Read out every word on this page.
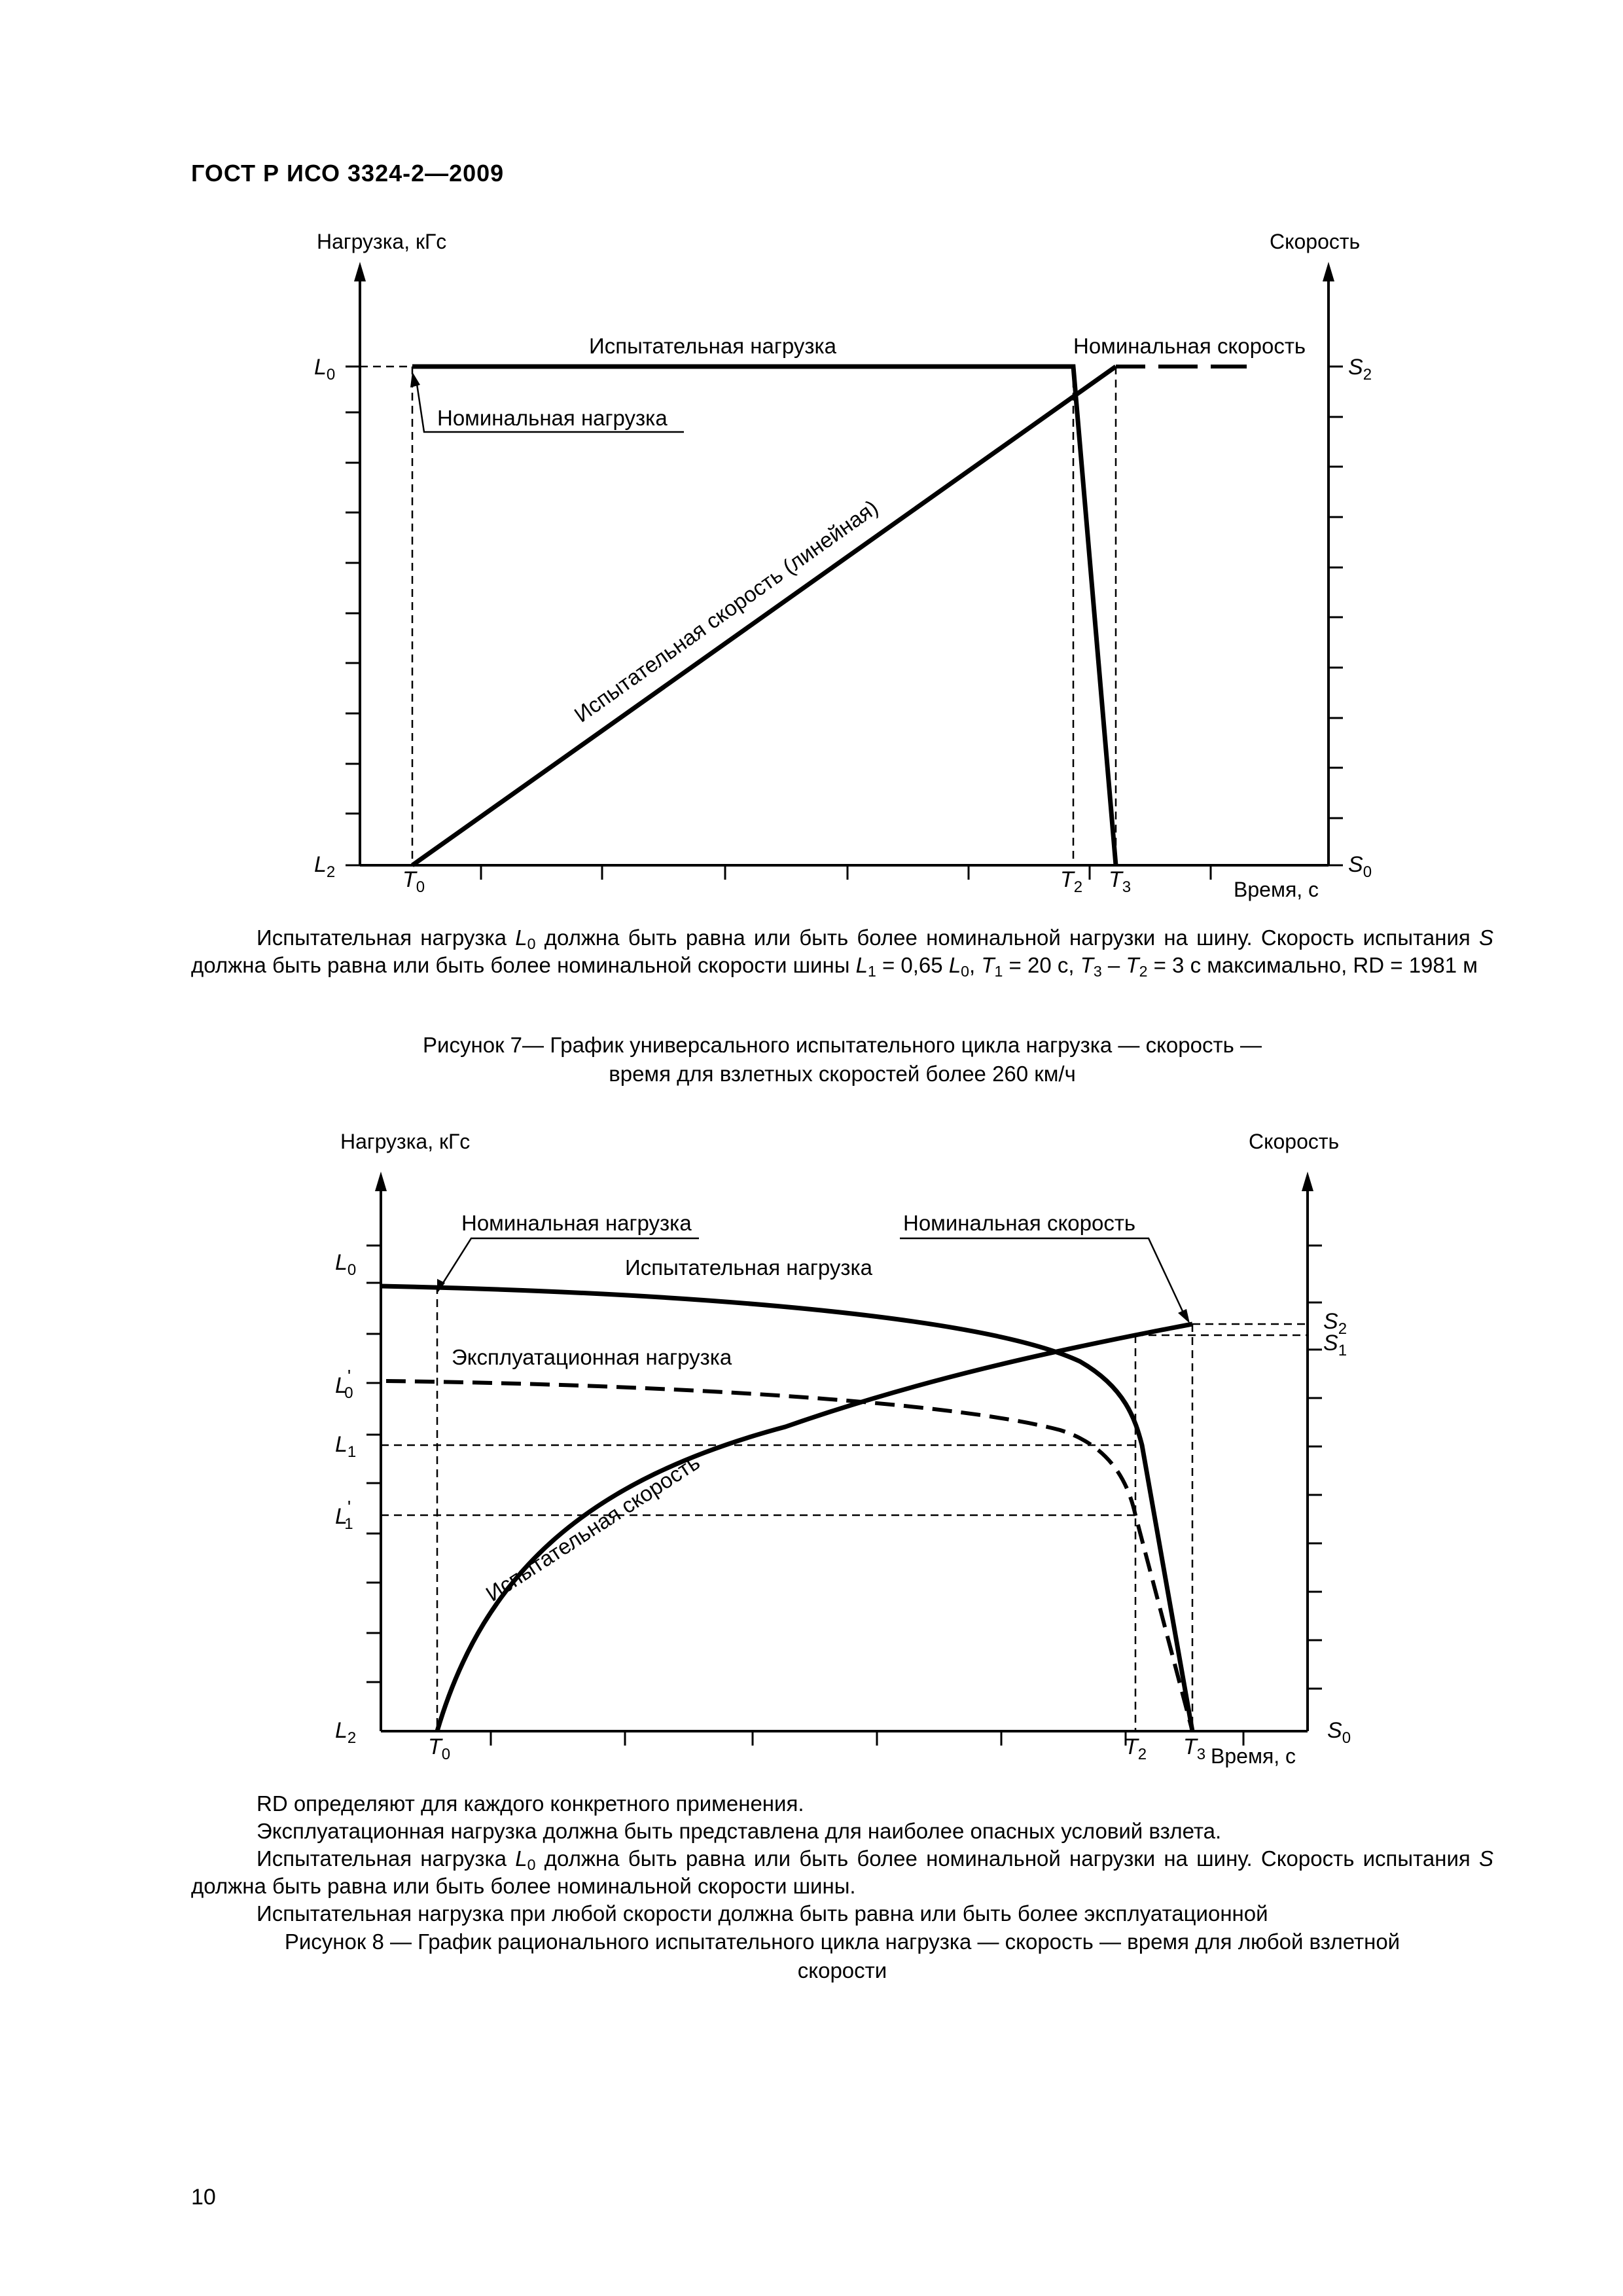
ГОСТ Р ИСО 3324-2—2009
Нагрузка, кГс	Скорость
Время, с
Испытательная нагрузка	Номинальная скорость
Номинальная нагрузка
Испытательная скорость (линейная)
$L_0$
$L_2$
$S_2$
$S_0$
$T_0$	$T_2$ $T_3$
Испытательная нагрузка $L_0$ должна быть равна или быть более номинальной нагрузки на шину. Скорость испытания S должна быть равна или быть более номинальной скорости шины $L_1 = 0,65$ $L_0$, $T_1 = 20$ с, $T_3 - T_2 = 3$ с максимально, RD = 1981 м
Рисунок 7— График универсального испытательного цикла нагрузка — скорость —
время для взлетных скоростей более 260 км/ч
Нагрузка, кГс	Скорость
Время, с
Номинальная нагрузка	Номинальная скорость
Испытательная нагрузка
Эксплуатационная нагрузка
Испытательная скорость
$L_0$
L' 0
$L_1$
L' 1
$L_2$
$S_2$
$S_1$
$S_0$
$T_0$	$T_2$ $T_3$
RD определяют для каждого конкретного применения.
Эксплуатационная нагрузка должна быть представлена для наиболее опасных условий взлета.
Испытательная нагрузка $L_0$ должна быть равна или быть более номинальной нагрузки на шину. Скорость испытания S должна быть равна или быть более номинальной скорости шины.
Испытательная нагрузка при любой скорости должна быть равна или быть более эксплуатационной
Рисунок 8 — График рационального испытательного цикла нагрузка — скорость — время для любой взлетной
скорости
10
